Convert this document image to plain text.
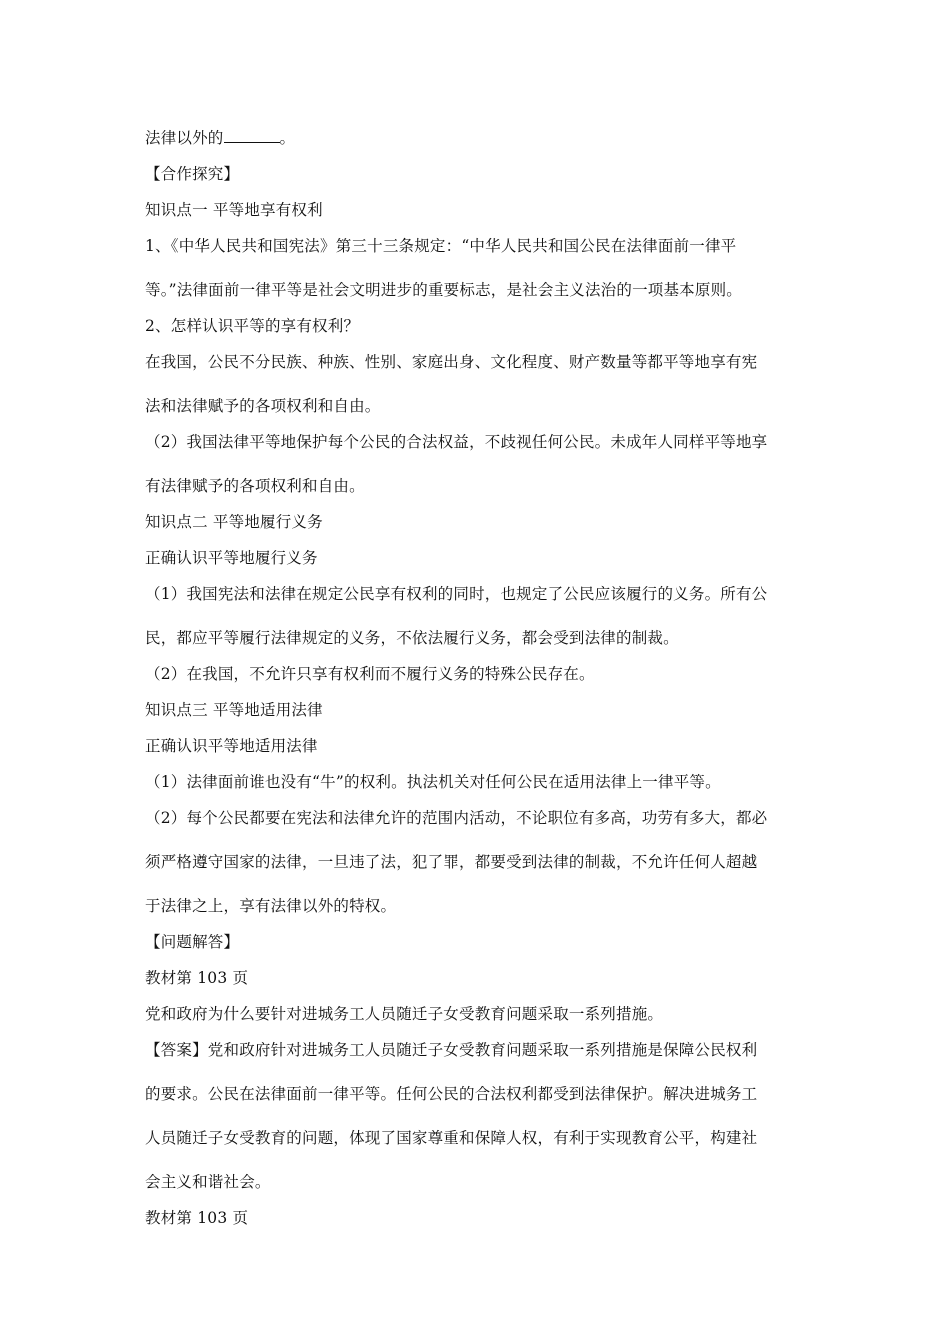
法律以外的	。
【合作探究】
知识点一 平等地享有权利
1、《中华人民共和国宪法》第三十三条规定：“中华人民共和国公民在法律面前一律平
等。”法律面前一律平等是社会文明进步的重要标志，是社会主义法治的一项基本原则。
2、怎样认识平等的享有权利？
在我国，公民不分民族、种族、性别、家庭出身、文化程度、财产数量等都平等地享有宪
法和法律赋予的各项权利和自由。
（2）我国法律平等地保护每个公民的合法权益，不歧视任何公民。未成年人同样平等地享
有法律赋予的各项权利和自由。
知识点二 平等地履行义务
正确认识平等地履行义务
（1）我国宪法和法律在规定公民享有权利的同时，也规定了公民应该履行的义务。所有公
民，都应平等履行法律规定的义务，不依法履行义务，都会受到法律的制裁。
（2）在我国，不允许只享有权利而不履行义务的特殊公民存在。
知识点三 平等地适用法律
正确认识平等地适用法律
（1）法律面前谁也没有“牛”的权利。执法机关对任何公民在适用法律上一律平等。
（2）每个公民都要在宪法和法律允许的范围内活动，不论职位有多高，功劳有多大，都必
须严格遵守国家的法律，一旦违了法，犯了罪，都要受到法律的制裁，不允许任何人超越
于法律之上，享有法律以外的特权。
【问题解答】
教材第 103 页
党和政府为什么要针对进城务工人员随迁子女受教育问题采取一系列措施。
【答案】党和政府针对进城务工人员随迁子女受教育问题采取一系列措施是保障公民权利
的要求。公民在法律面前一律平等。任何公民的合法权利都受到法律保护。解决进城务工
人员随迁子女受教育的问题，体现了国家尊重和保障人权，有利于实现教育公平，构建社
会主义和谐社会。
教材第 103 页
